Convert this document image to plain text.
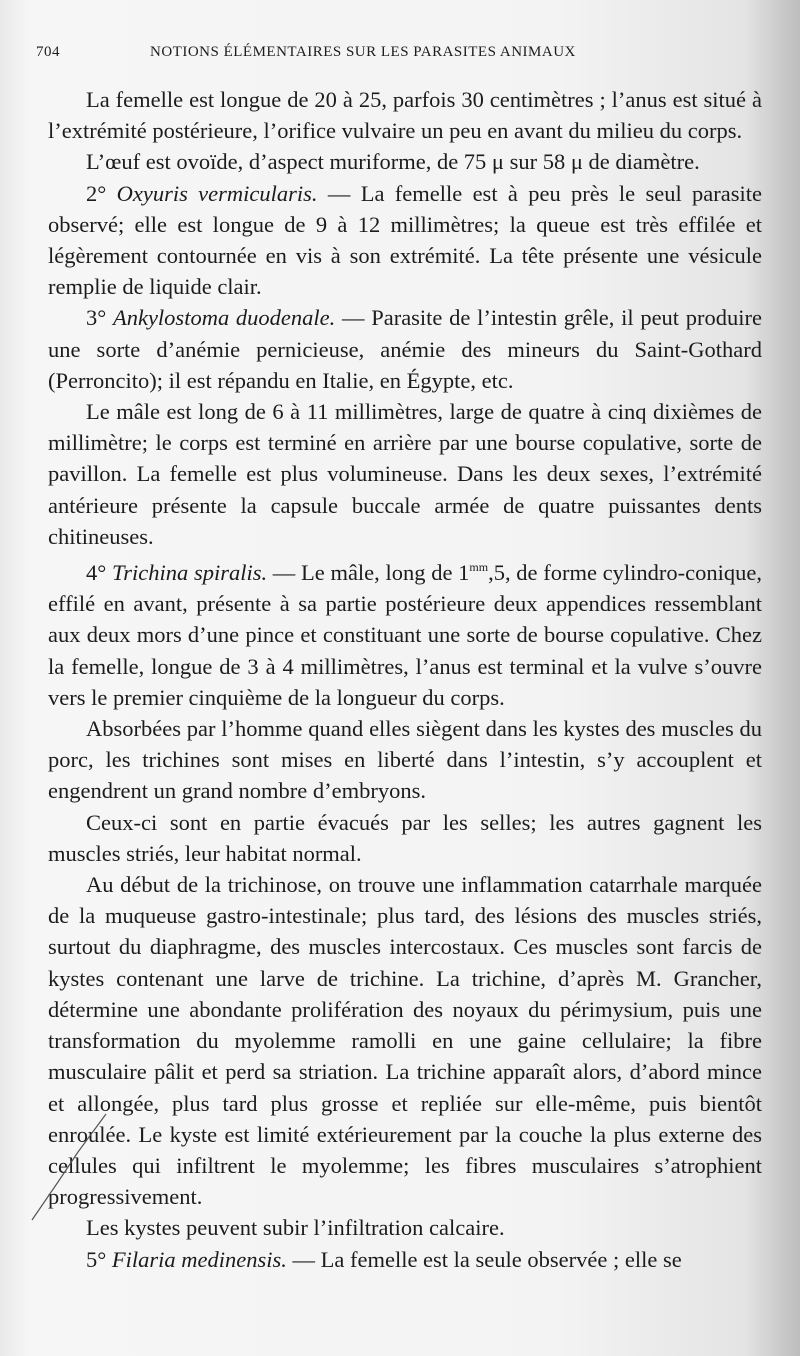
704	NOTIONS ÉLÉMENTAIRES SUR LES PARASITES ANIMAUX

La femelle est longue de 20 à 25, parfois 30 centimètres ; l’anus est situé à l’extrémité postérieure, l’orifice vulvaire un peu en avant du milieu du corps.

L’œuf est ovoïde, d’aspect muriforme, de 75 μ sur 58 μ de diamètre.

2° Oxyuris vermicularis. — La femelle est à peu près le seul parasite observé; elle est longue de 9 à 12 millimètres; la queue est très effilée et légèrement contournée en vis à son extrémité. La tête présente une vésicule remplie de liquide clair.

3° Ankylostoma duodenale. — Parasite de l’intestin grêle, il peut produire une sorte d’anémie pernicieuse, anémie des mineurs du Saint-Gothard (Perroncito); il est répandu en Italie, en Égypte, etc.

Le mâle est long de 6 à 11 millimètres, large de quatre à cinq dixièmes de millimètre; le corps est terminé en arrière par une bourse copulative, sorte de pavillon. La femelle est plus volumineuse. Dans les deux sexes, l’extrémité antérieure présente la capsule buccale armée de quatre puissantes dents chitineuses.

4° Trichina spiralis. — Le mâle, long de $1^{mm},5$, de forme cylindro-conique, effilé en avant, présente à sa partie postérieure deux appendices ressemblant aux deux mors d’une pince et constituant une sorte de bourse copulative. Chez la femelle, longue de 3 à 4 millimètres, l’anus est terminal et la vulve s’ouvre vers le premier cinquième de la longueur du corps.

Absorbées par l’homme quand elles siègent dans les kystes des muscles du porc, les trichines sont mises en liberté dans l’intestin, s’y accouplent et engendrent un grand nombre d’embryons.

Ceux-ci sont en partie évacués par les selles; les autres gagnent les muscles striés, leur habitat normal.

Au début de la trichinose, on trouve une inflammation catarrhale marquée de la muqueuse gastro-intestinale; plus tard, des lésions des muscles striés, surtout du diaphragme, des muscles intercostaux. Ces muscles sont farcis de kystes contenant une larve de trichine. La trichine, d’après M. Grancher, détermine une abondante prolifération des noyaux du périmysium, puis une transformation du myolemme ramolli en une gaine cellulaire; la fibre musculaire pâlit et perd sa striation. La trichine apparaît alors, d’abord mince et allongée, plus tard plus grosse et repliée sur elle-même, puis bientôt enroulée. Le kyste est limité extérieurement par la couche la plus externe des cellules qui infiltrent le myolemme; les fibres musculaires s’atrophient progressivement.

Les kystes peuvent subir l’infiltration calcaire.

5° Filaria medinensis. — La femelle est la seule observée ; elle se
